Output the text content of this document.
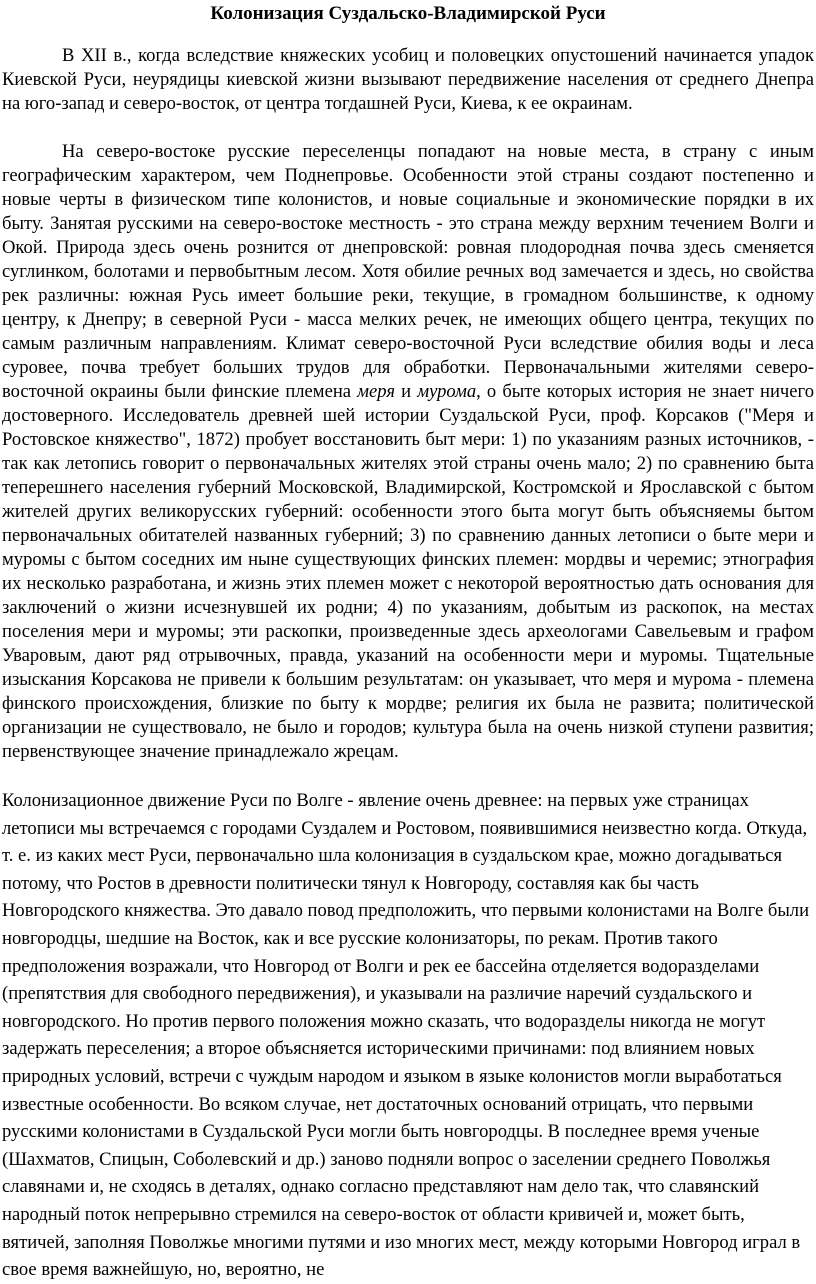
Колонизация Суздальско-Владимирской Руси

В XII в., когда вследствие княжеских усобиц и половецких опустошений начинается упадок Киевской Руси, неурядицы киевской жизни вызывают передвижение населения от среднего Днепра на юго-запад и северо-восток, от центра тогдашней Руси, Киева, к ее окраинам.

На северо-востоке русские переселенцы попадают на новые места, в страну с иным географическим характером, чем Поднепровье. Особенности этой страны создают постепенно и новые черты в физическом типе колонистов, и новые социальные и экономические порядки в их быту. Занятая русскими на северо-востоке местность - это страна между верхним течением Волги и Окой. Природа здесь очень рознится от днепровской: ровная плодородная почва здесь сменяется суглинком, болотами и первобытным лесом. Хотя обилие речных вод замечается и здесь, но свойства рек различны: южная Русь имеет большие реки, текущие, в громадном большинстве, к одному центру, к Днепру; в северной Руси - масса мелких речек, не имеющих общего центра, текущих по самым различным направлениям. Климат северо-восточной Руси вследствие обилия воды и леса суровее, почва требует больших трудов для обработки. Первоначальными жителями северо-восточной окраины были финские племена меря и мурома, о быте которых история не знает ничего достоверного. Исследователь древней шей истории Суздальской Руси, проф. Корсаков ("Меря и Ростовское княжество", 1872) пробует восстановить быт мери: 1) по указаниям разных источников, - так как летопись говорит о первоначальных жителях этой страны очень мало; 2) по сравнению быта теперешнего населения губерний Московской, Владимирской, Костромской и Ярославской с бытом жителей других великорусских губерний: особенности этого быта могут быть объясняемы бытом первоначальных обитателей названных губерний; 3) по сравнению данных летописи о быте мери и муромы с бытом соседних им ныне существующих финских племен: мордвы и черемис; этнография их несколько разработана, и жизнь этих племен может с некоторой вероятностью дать основания для заключений о жизни исчезнувшей их родни; 4) по указаниям, добытым из раскопок, на местах поселения мери и муромы; эти раскопки, произведенные здесь археологами Савельевым и графом Уваровым, дают ряд отрывочных, правда, указаний на особенности мери и муромы. Тщательные изыскания Корсакова не привели к большим результатам: он указывает, что меря и мурома - племена финского происхождения, близкие по быту к мордве; религия их была не развита; политической организации не существовало, не было и городов; культура была на очень низкой ступени развития; первенствующее значение принадлежало жрецам.

Колонизационное движение Руси по Волге - явление очень древнее: на первых уже страницах летописи мы встречаемся с городами Суздалем и Ростовом, появившимися неизвестно когда. Откуда, т. е. из каких мест Руси, первоначально шла колонизация в суздальском крае, можно догадываться потому, что Ростов в древности политически тянул к Новгороду, составляя как бы часть Новгородского княжества. Это давало повод предположить, что первыми колонистами на Волге были новгородцы, шедшие на Восток, как и все русские колонизаторы, по рекам. Против такого предположения возражали, что Новгород от Волги и рек ее бассейна отделяется водоразделами (препятствия для свободного передвижения), и указывали на различие наречий суздальского и новгородского. Но против первого положения можно сказать, что водоразделы никогда не могут задержать переселения; а второе объясняется историческими причинами: под влиянием новых природных условий, встречи с чуждым народом и языком в языке колонистов могли выработаться известные особенности. Во всяком случае, нет достаточных оснований отрицать, что первыми русскими колонистами в Суздальской Руси могли быть новгородцы. В последнее время ученые (Шахматов, Спицын, Соболевский и др.) заново подняли вопрос о заселении среднего Поволжья славянами и, не сходясь в деталях, однако согласно представляют нам дело так, что славянский народный поток непрерывно стремился на северо-восток от области кривичей и, может быть, вятичей, заполняя Поволжье многими путями и изо многих мест, между которыми Новгород играл в свое время важнейшую, но, вероятно, не
